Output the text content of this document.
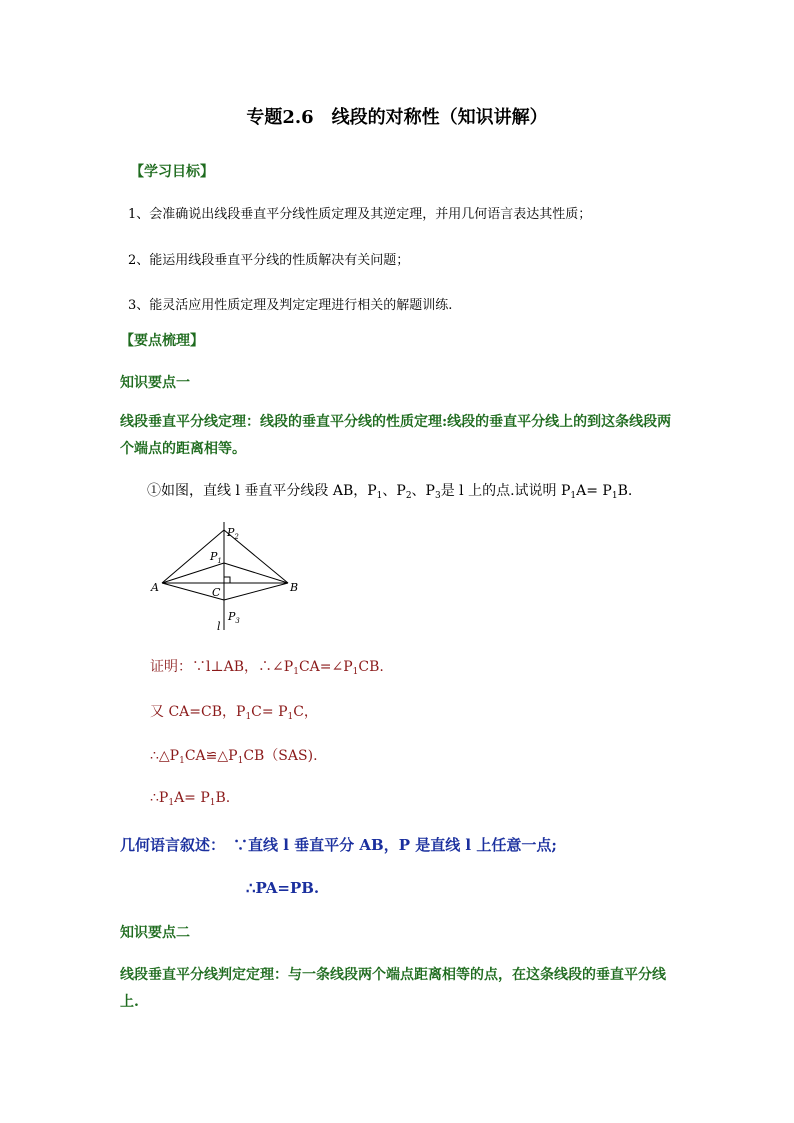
专题2.6　线段的对称性（知识讲解）
【学习目标】
1、会准确说出线段垂直平分线性质定理及其逆定理，并用几何语言表达其性质；
2、能运用线段垂直平分线的性质解决有关问题；
3、能灵活应用性质定理及判定定理进行相关的解题训练.
【要点梳理】
知识要点一
线段垂直平分线定理：线段的垂直平分线的性质定理:线段的垂直平分线上的到这条线段两
个端点的距离相等。
①如图，直线 l 垂直平分线段 AB，$P_1$、$P_2$、$P_3$是 l 上的点.试说明 $P_1A= P_1B$.
$P_2$
$P_1$
A	B
C
$P_3$
l
证明：∵l⊥AB，$\therefore\angle P_1CA=\angle P_1CB$.
又 CA=CB，$P_1C= P_1C$，
$\therefore\triangle P_1CA≌\triangle P_1CB(SAS)$.
$\therefore P_1A= P_1B$.
几何语言叙述： ∵直线 l 垂直平分 AB，P 是直线 l 上任意一点;
∴PA=PB.
知识要点二
线段垂直平分线判定定理：与一条线段两个端点距离相等的点，在这条线段的垂直平分线上.
